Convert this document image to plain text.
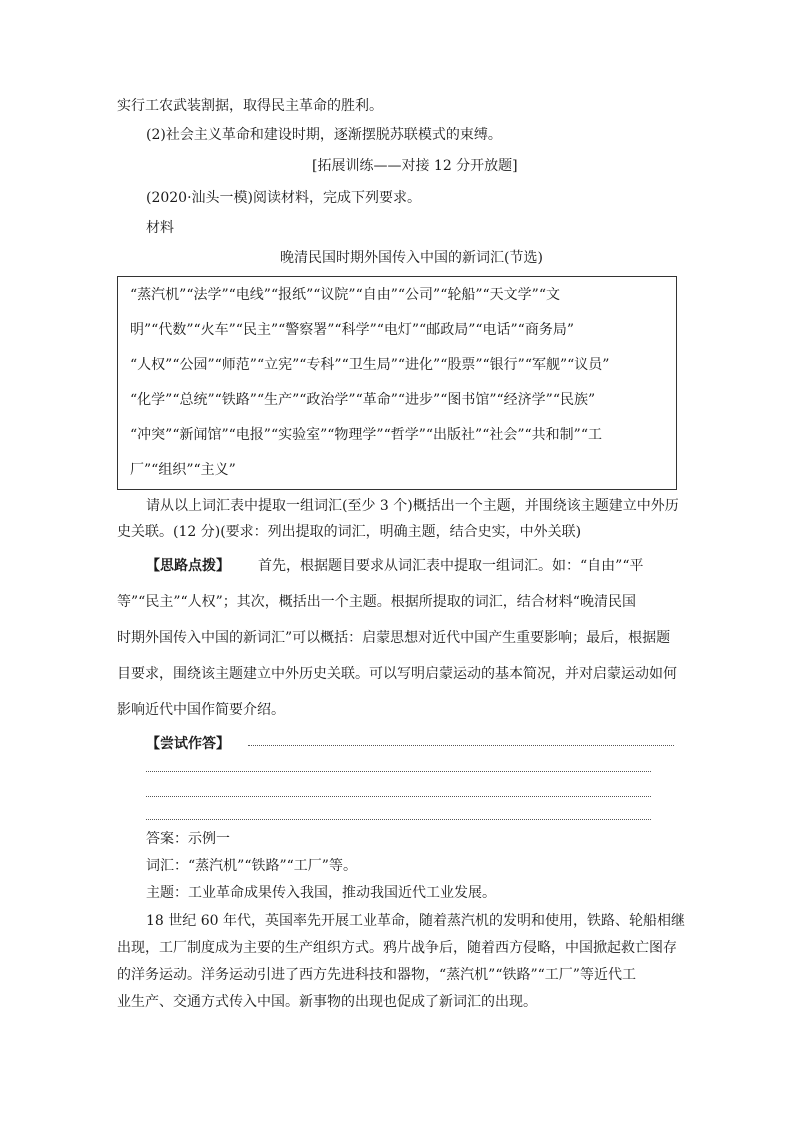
实行工农武装割据，取得民主革命的胜利。
(2)社会主义革命和建设时期，逐渐摆脱苏联模式的束缚。
[拓展训练——对接 12 分开放题]
(2020·汕头一模)阅读材料，完成下列要求。
材料
晚清民国时期外国传入中国的新词汇(节选)
“蒸汽机”“法学”“电线”“报纸”“议院”“自由”“公司”“轮船”“天文学”“文
明”“代数”“火车”“民主”“警察署”“科学”“电灯”“邮政局”“电话”“商务局”
“人权”“公园”“师范”“立宪”“专科”“卫生局”“进化”“股票”“银行”“军舰”“议员”
“化学”“总统”“铁路”“生产”“政治学”“革命”“进步”“图书馆”“经济学”“民族”
“冲突”“新闻馆”“电报”“实验室”“物理学”“哲学”“出版社”“社会”“共和制”“工
厂”“组织”“主义”
请从以上词汇表中提取一组词汇(至少 3 个)概括出一个主题，并围绕该主题建立中外历
史关联。(12 分)(要求：列出提取的词汇，明确主题，结合史实，中外关联)
【思路点拨】 首先，根据题目要求从词汇表中提取一组词汇。如：“自由”“平
等”“民主”“人权”；其次，概括出一个主题。根据所提取的词汇，结合材料“晚清民国
时期外国传入中国的新词汇”可以概括：启蒙思想对近代中国产生重要影响；最后，根据题
目要求，围绕该主题建立中外历史关联。可以写明启蒙运动的基本简况，并对启蒙运动如何
影响近代中国作简要介绍。
【尝试作答】
答案：示例一
词汇：“蒸汽机”“铁路”“工厂”等。
主题：工业革命成果传入我国，推动我国近代工业发展。
18 世纪 60 年代，英国率先开展工业革命，随着蒸汽机的发明和使用，铁路、轮船相继
出现，工厂制度成为主要的生产组织方式。鸦片战争后，随着西方侵略，中国掀起救亡图存
的洋务运动。洋务运动引进了西方先进科技和器物，“蒸汽机”“铁路”“工厂”等近代工
业生产、交通方式传入中国。新事物的出现也促成了新词汇的出现。
